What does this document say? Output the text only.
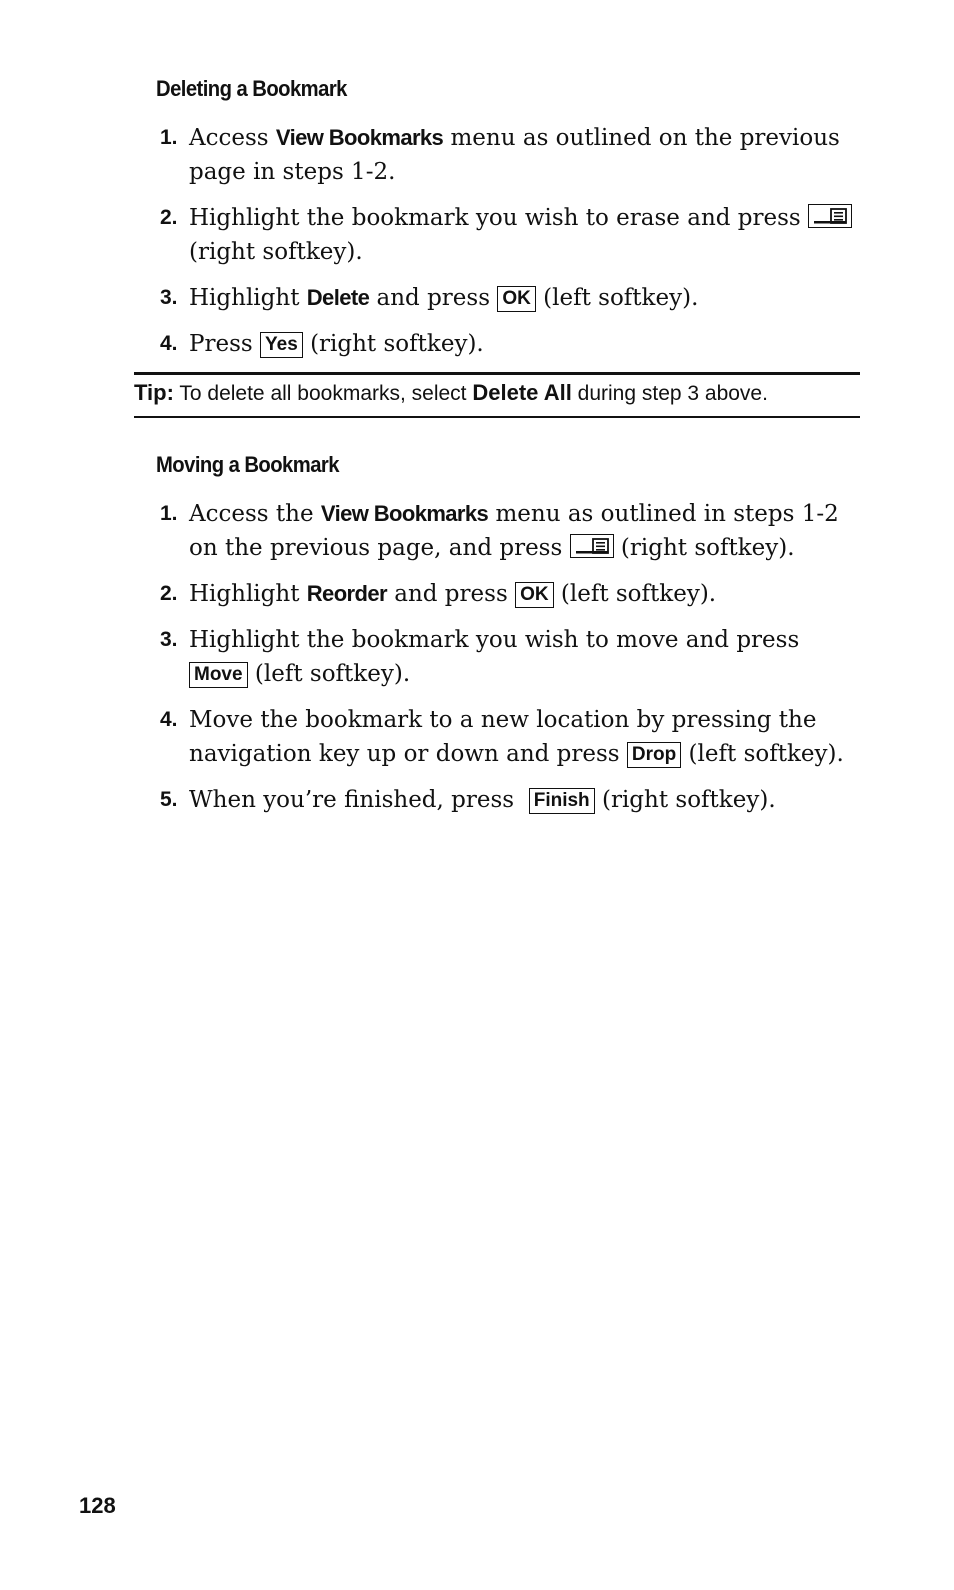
Deleting a Bookmark
1. Access View Bookmarks menu as outlined on the previous page in steps 1-2.
2. Highlight the bookmark you wish to erase and press
(right softkey).
3. Highlight Delete and press OK (left softkey).
4. Press Yes (right softkey).
Tip: To delete all bookmarks, select Delete All during step 3 above.
Moving a Bookmark
1. Access the View Bookmarks menu as outlined in steps 1-2 on the previous page, and press
(right softkey).
2. Highlight Reorder and press OK (left softkey).
3. Highlight the bookmark you wish to move and press Move (left softkey).
4. Move the bookmark to a new location by pressing the navigation key up or down and press Drop (left softkey).
5. When you’re finished, press  Finish (right softkey).
128
